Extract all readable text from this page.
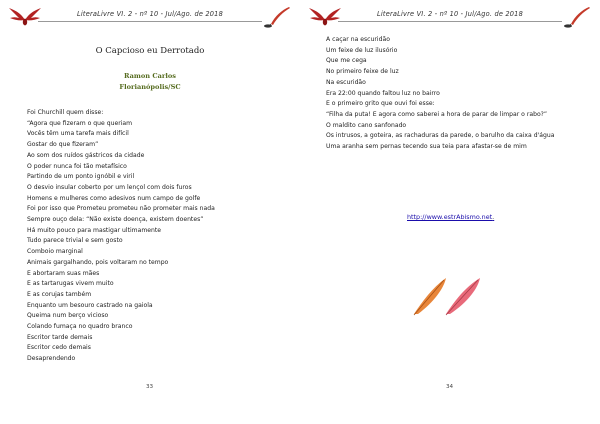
LiteraLivre VI. 2 - nº 10 - Jul/Ago. de 2018
O Capcioso eu Derrotado
Ramon Carlos
Florianópolis/SC
Foi Churchill quem disse:
“Agora que fizeram o que queriam
Vocês têm uma tarefa mais difícil
Gostar do que fizeram”
Ao som dos ruídos gástricos da cidade
O poder nunca foi tão metafísico
Partindo de um ponto ignóbil e viril
O desvio insular coberto por um lençol com dois furos
Homens e mulheres como adesivos num campo de golfe
Foi por isso que Prometeu prometeu não prometer mais nada
Sempre ouço dela: “Não existe doença, existem doentes”
Há muito pouco para mastigar ultimamente
Tudo parece trivial e sem gosto
Comboio marginal
Animais gargalhando, pois voltaram no tempo
E abortaram suas mães
E as tartarugas vivem muito
E as corujas também
Enquanto um besouro castrado na gaiola
Queima num berço vicioso
Colando fumaça no quadro branco
Escritor tarde demais
Escritor cedo demais
Desaprendendo
33
LiteraLivre VI. 2 - nº 10 - Jul/Ago. de 2018
A caçar na escuridão
Um feixe de luz ilusório
Que me cega
No primeiro feixe de luz
Na escuridão
Era 22:00 quando faltou luz no bairro
E o primeiro grito que ouvi foi esse:
“Filha da puta! E agora como saberei a hora de parar de limpar o rabo?”
O maldito cano sanfonado
Os intrusos, a goteira, as rachaduras da parede, o barulho da caixa d'água
Uma aranha sem pernas tecendo sua teia para afastar-se de mim
34
http://www.estrAbismo.net.
